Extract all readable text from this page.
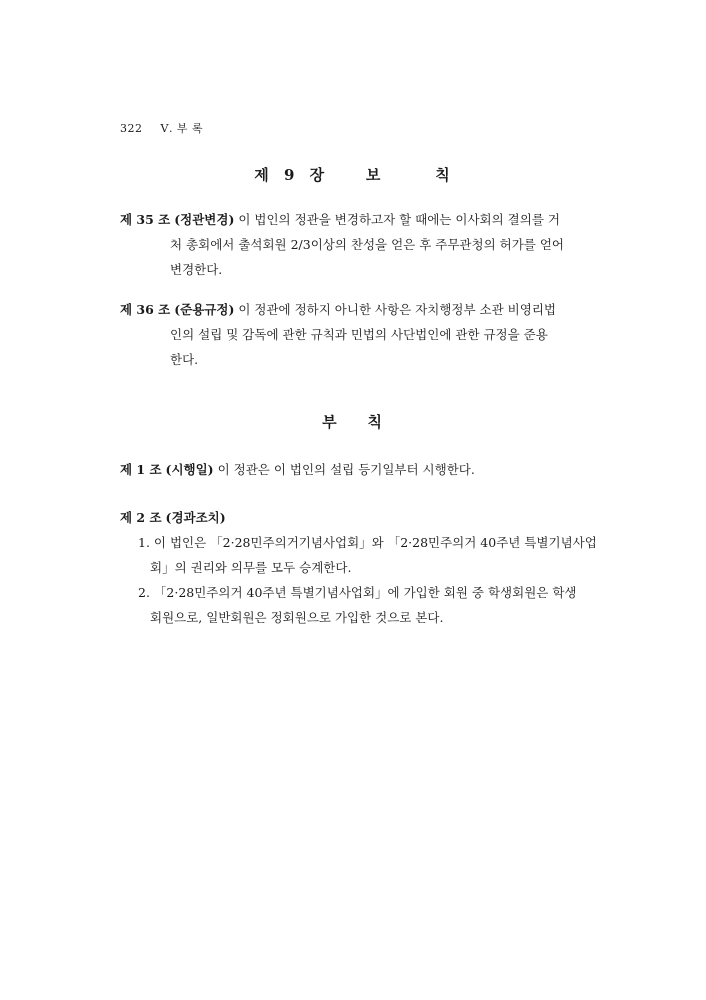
322 Ⅴ. 부 록
제 9 장   보    칙
제 35 조 (정관변경) 이 법인의 정관을 변경하고자 할 때에는 이사회의 결의를 거
처 총회에서 출석회원 2/3이상의 찬성을 얻은 후 주무관청의 허가를 얻어
변경한다.
제 36 조 (준용규정) 이 정관에 정하지 아니한 사항은 자치행정부 소관 비영리법
인의 설립 및 감독에 관한 규칙과 민법의 사단법인에 관한 규정을 준용
한다.
부    칙
제 1 조 (시행일) 이 정관은 이 법인의 설립 등기일부터 시행한다.
제 2 조 (경과조치)
1. 이 법인은 「2·28민주의거기념사업회」와 「2·28민주의거 40주년 특별기념사업
회」의 권리와 의무를 모두 승계한다.
2. 「2·28민주의거 40주년 특별기념사업회」에 가입한 회원 중 학생회원은 학생
회원으로, 일반회원은 정회원으로 가입한 것으로 본다.
